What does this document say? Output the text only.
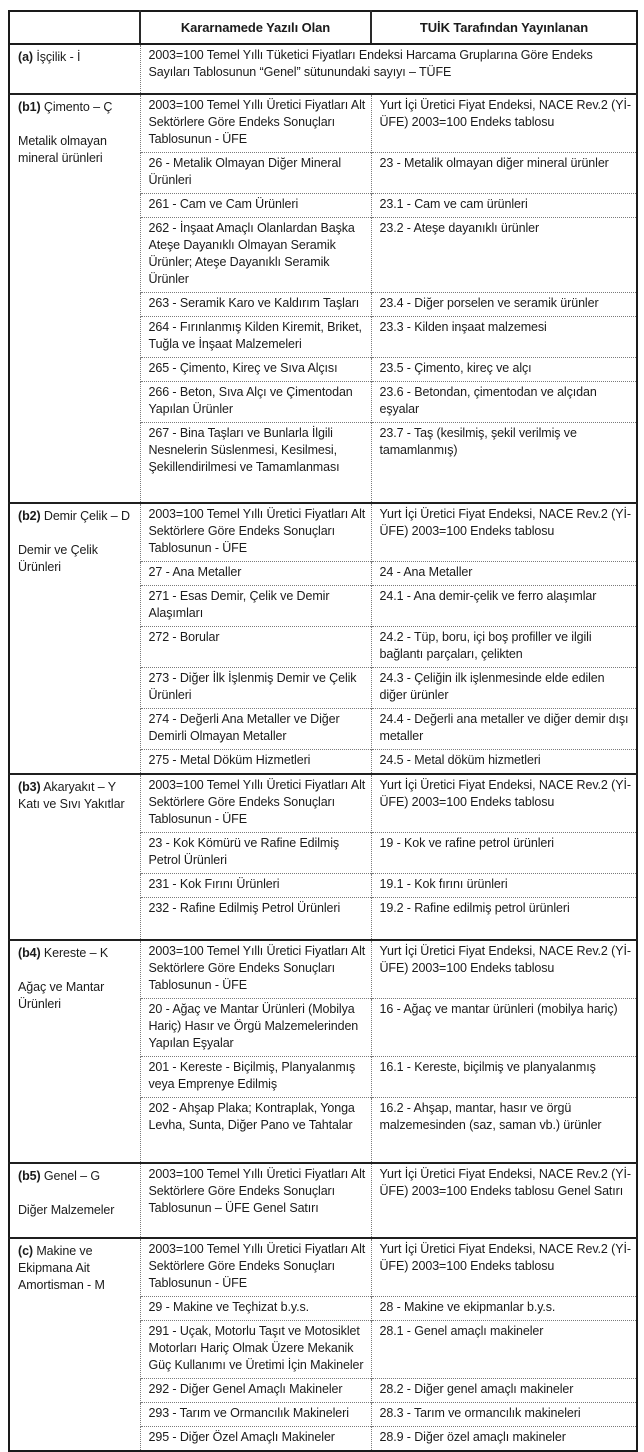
	Kararnamede Yazılı Olan	TUİK Tarafından Yayınlanan
(a) İşçilik - İ	2003=100 Temel Yıllı Tüketici Fiyatları Endeksi Harcama Gruplarına Göre Endeks Sayıları Tablosunun “Genel” sütunundaki sayıyı – TÜFE	
(b1) Çimento – Ç
Metalik olmayan mineral ürünleri	2003=100 Temel Yıllı Üretici Fiyatları Alt Sektörlere Göre Endeks Sonuçları Tablosunun - ÜFE	Yurt İçi Üretici Fiyat Endeksi, NACE Rev.2 (Yİ-ÜFE) 2003=100 Endeks tablosu
	26 - Metalik Olmayan Diğer Mineral Ürünleri	23 - Metalik olmayan diğer mineral ürünler
	261 - Cam ve Cam Ürünleri	23.1 - Cam ve cam ürünleri
	262 - İnşaat Amaçlı Olanlardan Başka Ateşe Dayanıklı Olmayan Seramik Ürünler; Ateşe Dayanıklı Seramik Ürünler	23.2 - Ateşe dayanıklı ürünler
	263 - Seramik Karo ve Kaldırım Taşları	23.4 - Diğer porselen ve seramik ürünler
	264 - Fırınlanmış Kilden Kiremit, Briket, Tuğla ve İnşaat Malzemeleri	23.3 - Kilden inşaat malzemesi
	265 - Çimento, Kireç ve Sıva Alçısı	23.5 - Çimento, kireç ve alçı
	266 - Beton, Sıva Alçı ve Çimentodan Yapılan Ürünler	23.6 - Betondan, çimentodan ve alçıdan eşyalar
	267 - Bina Taşları ve Bunlarla İlgili Nesnelerin Süslenmesi, Kesilmesi, Şekillendirilmesi ve Tamamlanması	23.7 - Taş (kesilmiş, şekil verilmiş ve tamamlanmış)
(b2) Demir Çelik – D
Demir ve Çelik Ürünleri	2003=100 Temel Yıllı Üretici Fiyatları Alt Sektörlere Göre Endeks Sonuçları Tablosunun - ÜFE	Yurt İçi Üretici Fiyat Endeksi, NACE Rev.2 (Yİ-ÜFE) 2003=100 Endeks tablosu
	27 - Ana Metaller	24 - Ana Metaller
	271 - Esas Demir, Çelik ve Demir Alaşımları	24.1 - Ana demir-çelik ve ferro alaşımlar
	272 - Borular	24.2 - Tüp, boru, içi boş profiller ve ilgili bağlantı parçaları, çelikten
	273 - Diğer İlk İşlenmiş Demir ve Çelik Ürünleri	24.3 - Çeliğin ilk işlenmesinde elde edilen diğer ürünler
	274 - Değerli Ana Metaller ve Diğer Demirli Olmayan Metaller	24.4 - Değerli ana metaller ve diğer demir dışı metaller
	275 - Metal Döküm Hizmetleri	24.5 - Metal döküm hizmetleri
(b3) Akaryakıt – Y
Katı ve Sıvı Yakıtlar	2003=100 Temel Yıllı Üretici Fiyatları Alt Sektörlere Göre Endeks Sonuçları Tablosunun - ÜFE	Yurt İçi Üretici Fiyat Endeksi, NACE Rev.2 (Yİ-ÜFE) 2003=100 Endeks tablosu
	23 - Kok Kömürü ve Rafine Edilmiş Petrol Ürünleri	19 - Kok ve rafine petrol ürünleri
	231 - Kok Fırını Ürünleri	19.1 - Kok fırını ürünleri
	232 - Rafine Edilmiş Petrol Ürünleri	19.2 - Rafine edilmiş petrol ürünleri
(b4) Kereste – K
Ağaç ve Mantar Ürünleri	2003=100 Temel Yıllı Üretici Fiyatları Alt Sektörlere Göre Endeks Sonuçları Tablosunun - ÜFE	Yurt İçi Üretici Fiyat Endeksi, NACE Rev.2 (Yİ-ÜFE) 2003=100 Endeks tablosu
	20 - Ağaç ve Mantar Ürünleri (Mobilya Hariç) Hasır ve Örgü Malzemelerinden Yapılan Eşyalar	16 - Ağaç ve mantar ürünleri (mobilya hariç)
	201 - Kereste - Biçilmiş, Planyalanmış veya Emprenye Edilmiş	16.1 - Kereste, biçilmiş ve planyalanmış
	202 - Ahşap Plaka; Kontraplak, Yonga Levha, Sunta, Diğer Pano ve Tahtalar	16.2 - Ahşap, mantar, hasır ve örgü malzemesinden (saz, saman vb.) ürünler
(b5) Genel – G
Diğer Malzemeler	2003=100 Temel Yıllı Üretici Fiyatları Alt Sektörlere Göre Endeks Sonuçları Tablosunun – ÜFE Genel Satırı	Yurt İçi Üretici Fiyat Endeksi, NACE Rev.2 (Yİ-ÜFE) 2003=100 Endeks tablosu Genel Satırı
(c) Makine ve Ekipmana Ait Amortisman - M	2003=100 Temel Yıllı Üretici Fiyatları Alt Sektörlere Göre Endeks Sonuçları Tablosunun - ÜFE	Yurt İçi Üretici Fiyat Endeksi, NACE Rev.2 (Yİ-ÜFE) 2003=100 Endeks tablosu
	29 - Makine ve Teçhizat b.y.s.	28 - Makine ve ekipmanlar b.y.s.
	291 - Uçak, Motorlu Taşıt ve Motosiklet Motorları Hariç Olmak Üzere Mekanik Güç Kullanımı ve Üretimi İçin Makineler	28.1 - Genel amaçlı makineler
	292 - Diğer Genel Amaçlı Makineler	28.2 - Diğer genel amaçlı makineler
	293 - Tarım ve Ormancılık Makineleri	28.3 - Tarım ve ormancılık makineleri
	295 - Diğer Özel Amaçlı Makineler	28.9 - Diğer özel amaçlı makineler
